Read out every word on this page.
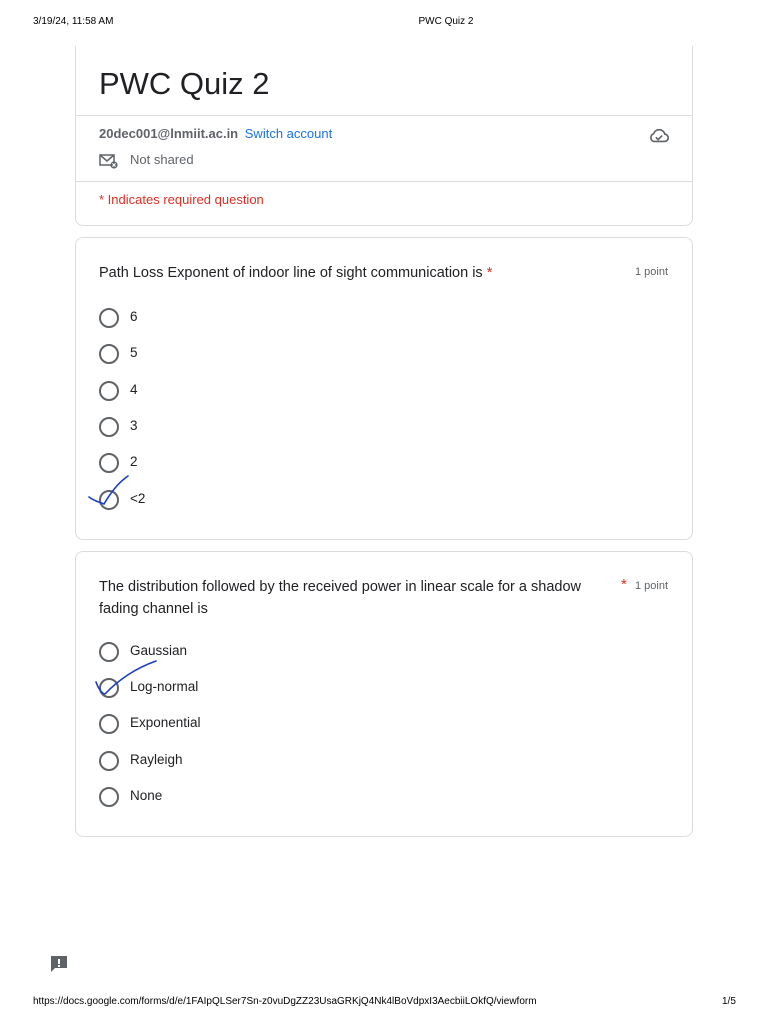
3/19/24, 11:58 AM	PWC Quiz 2
PWC Quiz 2
20dec001@lnmiit.ac.in Switch account
Not shared
* Indicates required question
Path Loss Exponent of indoor line of sight communication is *	1 point
6
5
4
3
2
<2
The distribution followed by the received power in linear scale for a shadow fading channel is
* 1 point
Gaussian
Log-normal
Exponential
Rayleigh
None
https://docs.google.com/forms/d/e/1FAIpQLSer7Sn-z0vuDgZZ23UsaGRKjQ4Nk4lBoVdpxI3AecbiiLOkfQ/viewform	1/5
